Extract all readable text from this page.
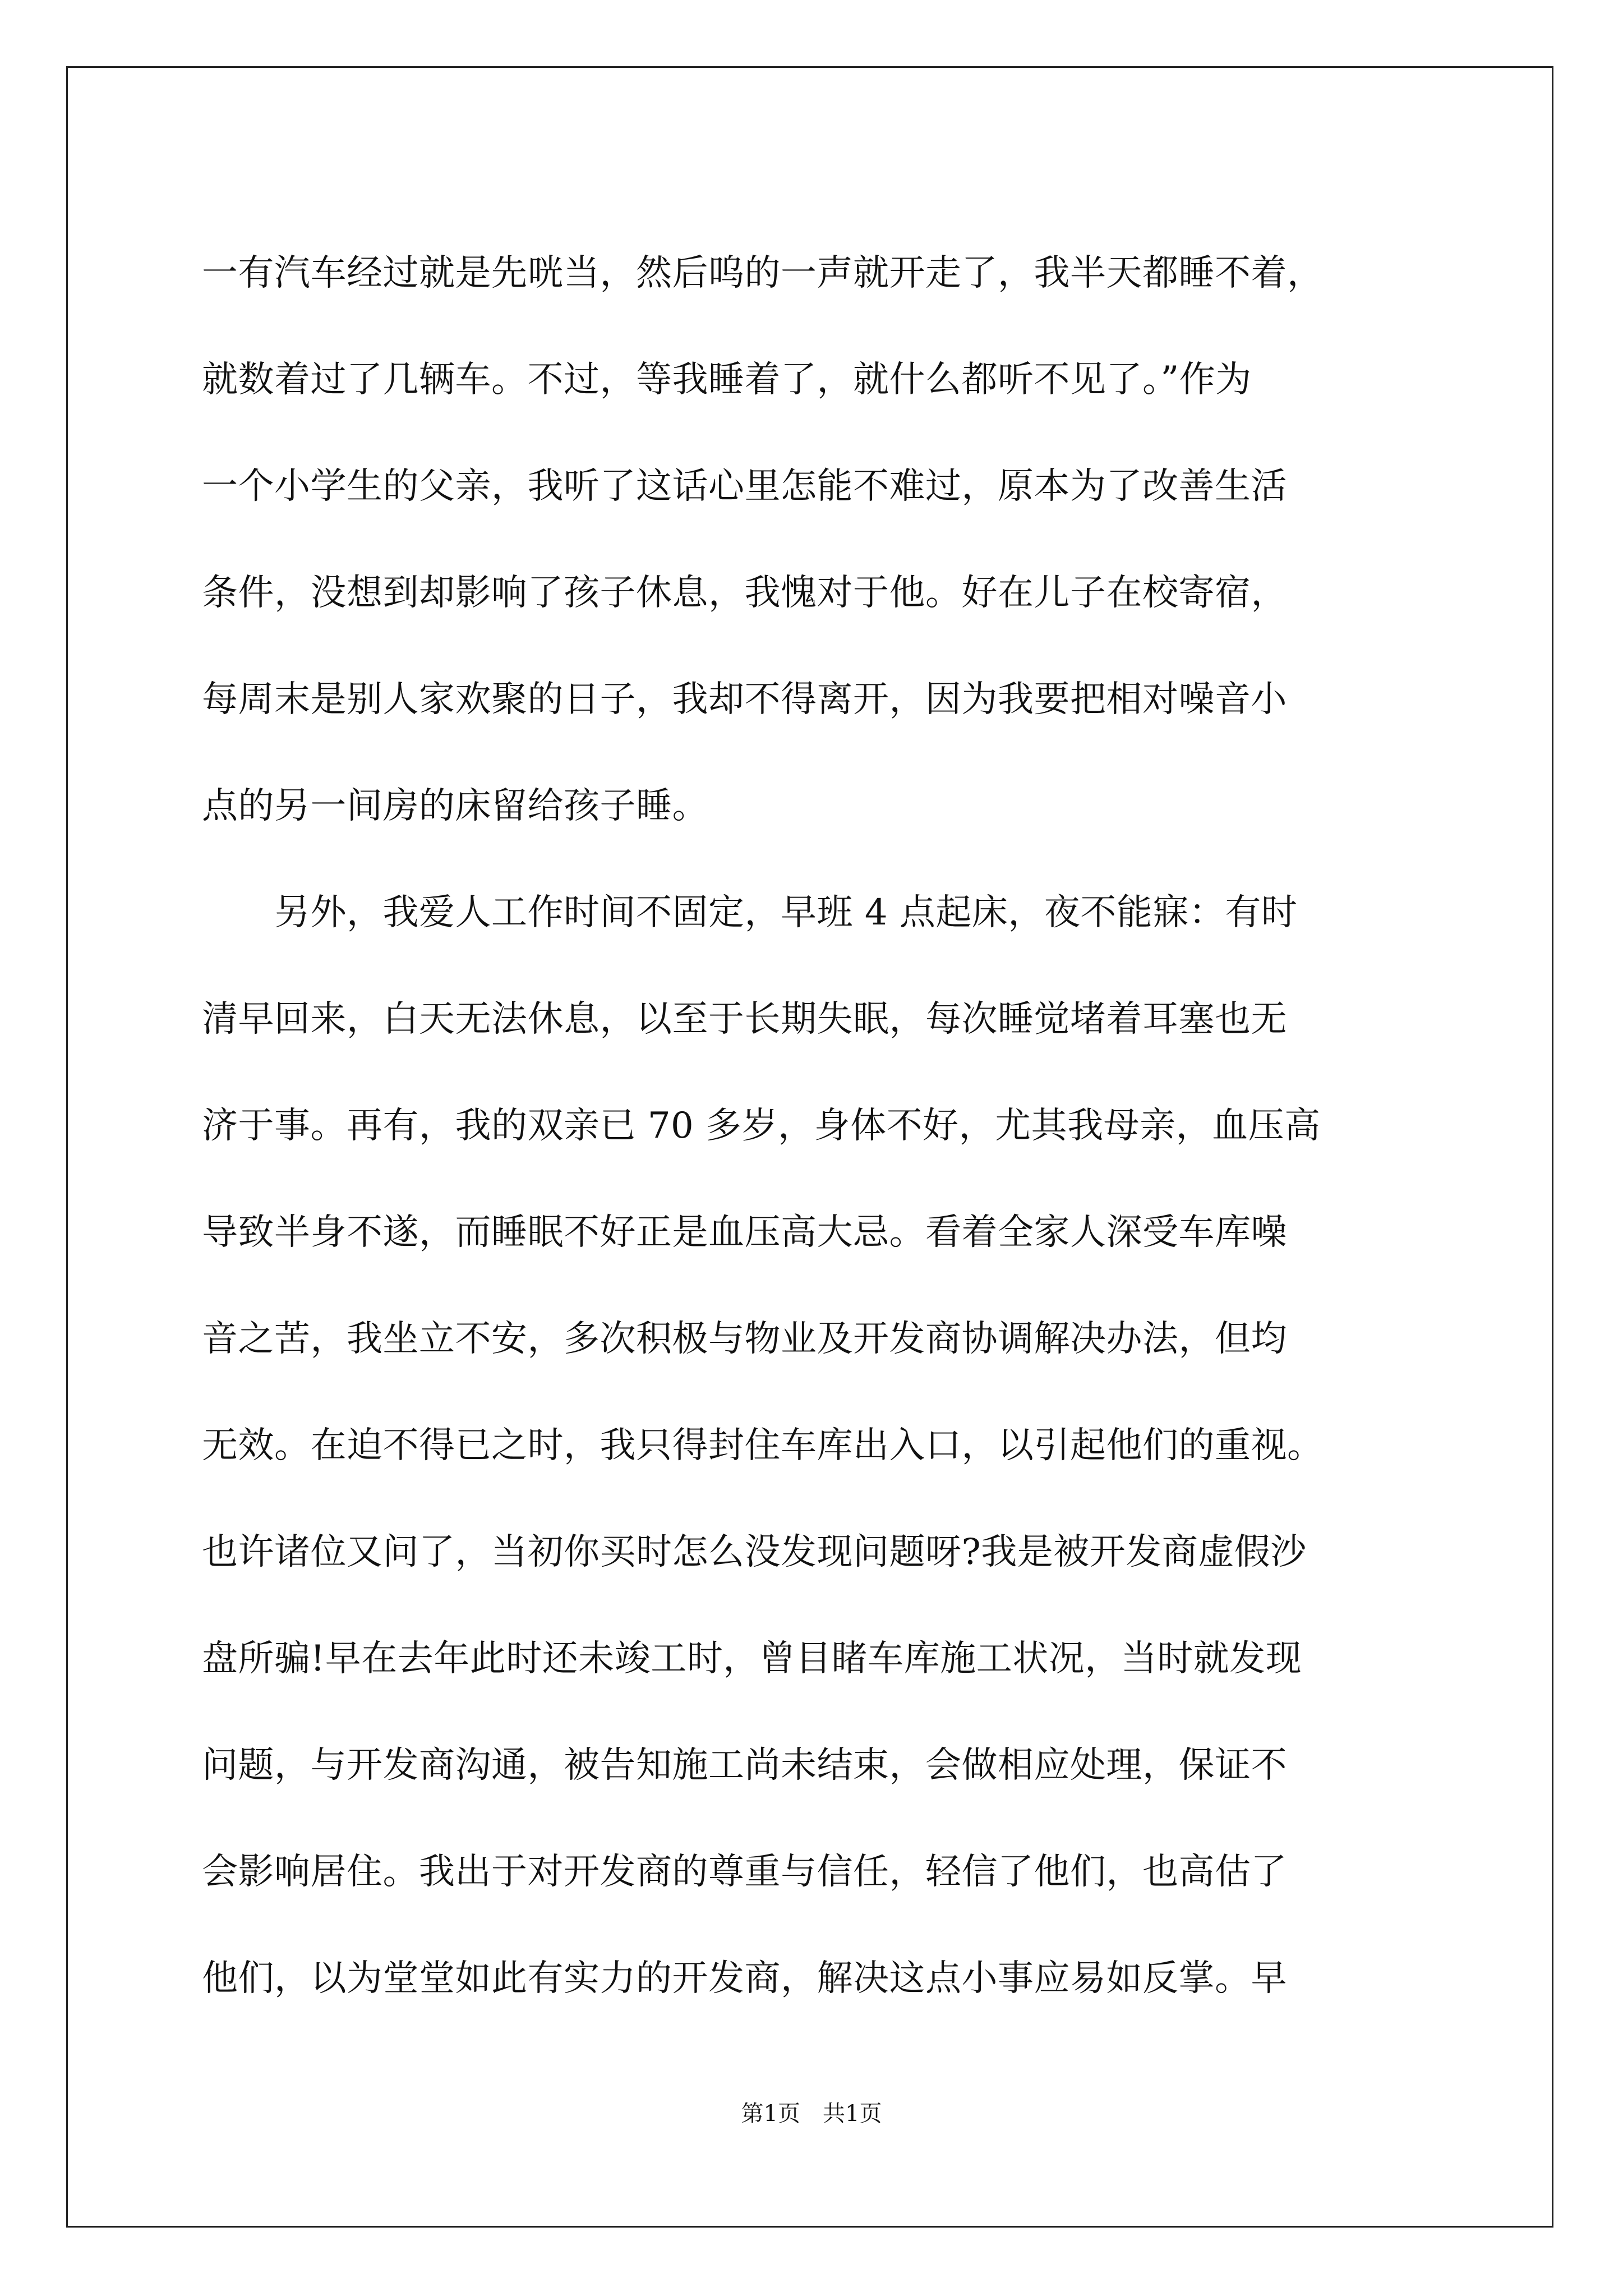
一有汽车经过就是先咣当，然后呜的一声就开走了，我半天都睡不着，
就数着过了几辆车。不过，等我睡着了，就什么都听不见了。”作为
一个小学生的父亲，我听了这话心里怎能不难过，原本为了改善生活
条件，没想到却影响了孩子休息，我愧对于他。好在儿子在校寄宿，
每周末是别人家欢聚的日子，我却不得离开，因为我要把相对噪音小
点的另一间房的床留给孩子睡。
　　另外，我爱人工作时间不固定，早班 4 点起床，夜不能寐：有时
清早回来，白天无法休息，以至于长期失眠，每次睡觉堵着耳塞也无
济于事。再有，我的双亲已 70 多岁，身体不好，尤其我母亲，血压高
导致半身不遂，而睡眠不好正是血压高大忌。看着全家人深受车库噪
音之苦，我坐立不安，多次积极与物业及开发商协调解决办法，但均
无效。在迫不得已之时，我只得封住车库出入口，以引起他们的重视。
也许诸位又问了，当初你买时怎么没发现问题呀?我是被开发商虚假沙
盘所骗!早在去年此时还未竣工时，曾目睹车库施工状况，当时就发现
问题，与开发商沟通，被告知施工尚未结束，会做相应处理，保证不
会影响居住。我出于对开发商的尊重与信任，轻信了他们，也高估了
他们，以为堂堂如此有实力的开发商，解决这点小事应易如反掌。早
第1页　共1页
